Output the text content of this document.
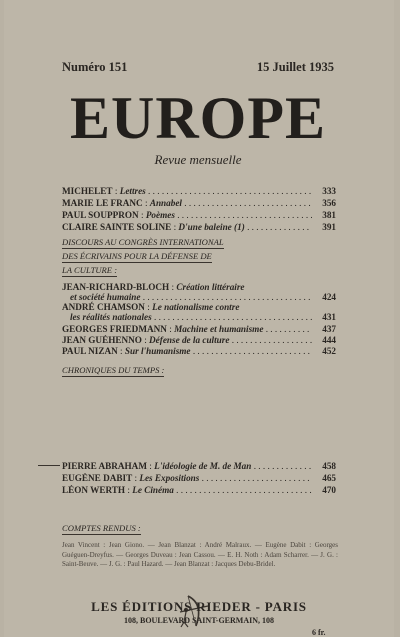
Numéro 151	15 Juillet 1935
EUROPE
Revue mensuelle
MICHELET : Lettres . . .	333
MARIE LE FRANC : Annabel . . .	356
PAUL SOUPPRON : Poèmes . . .	381
CLAIRE SAINTE SOLINE : D'une baleine (1) . . .	391
DISCOURS AU CONGRÈS INTERNATIONAL
DES ÉCRIVAINS POUR LA DÉFENSE DE
LA CULTURE :
JEAN-RICHARD-BLOCH : Création littéraire
et société humaine . . .	424
ANDRÉ CHAMSON : Le nationalisme contre
les réalités nationales . . .	431
GEORGES FRIEDMANN : Machine et humanisme . . .	437
JEAN GUÉHENNO : Défense de la culture . . .	444
PAUL NIZAN : Sur l'humanisme . . .	452
CHRONIQUES DU TEMPS :
PIERRE ABRAHAM : L'idéologie de M. de Man . . .	458
EUGÈNE DABIT : Les Expositions . . .	465
LÉON WERTH : Le Cinéma . . .	470
COMPTES RENDUS :
Jean Vincent : Jean Giono. — Jean Blanzat : André Malraux. — Eugène Dabit : Georges Guéguen-Dreyfus. — Georges Duveau : Jean Cassou. — E. H. Noth : Adam Scharrer. — J. G. : Saint-Beuve. — J. G. : Paul Hazard. — Jean Blanzat : Jacques Debu-Bridel.
LES ÉDITIONS RIEDER - PARIS
108, BOULEVARD SAINT-GERMAIN, 108
6 fr.
